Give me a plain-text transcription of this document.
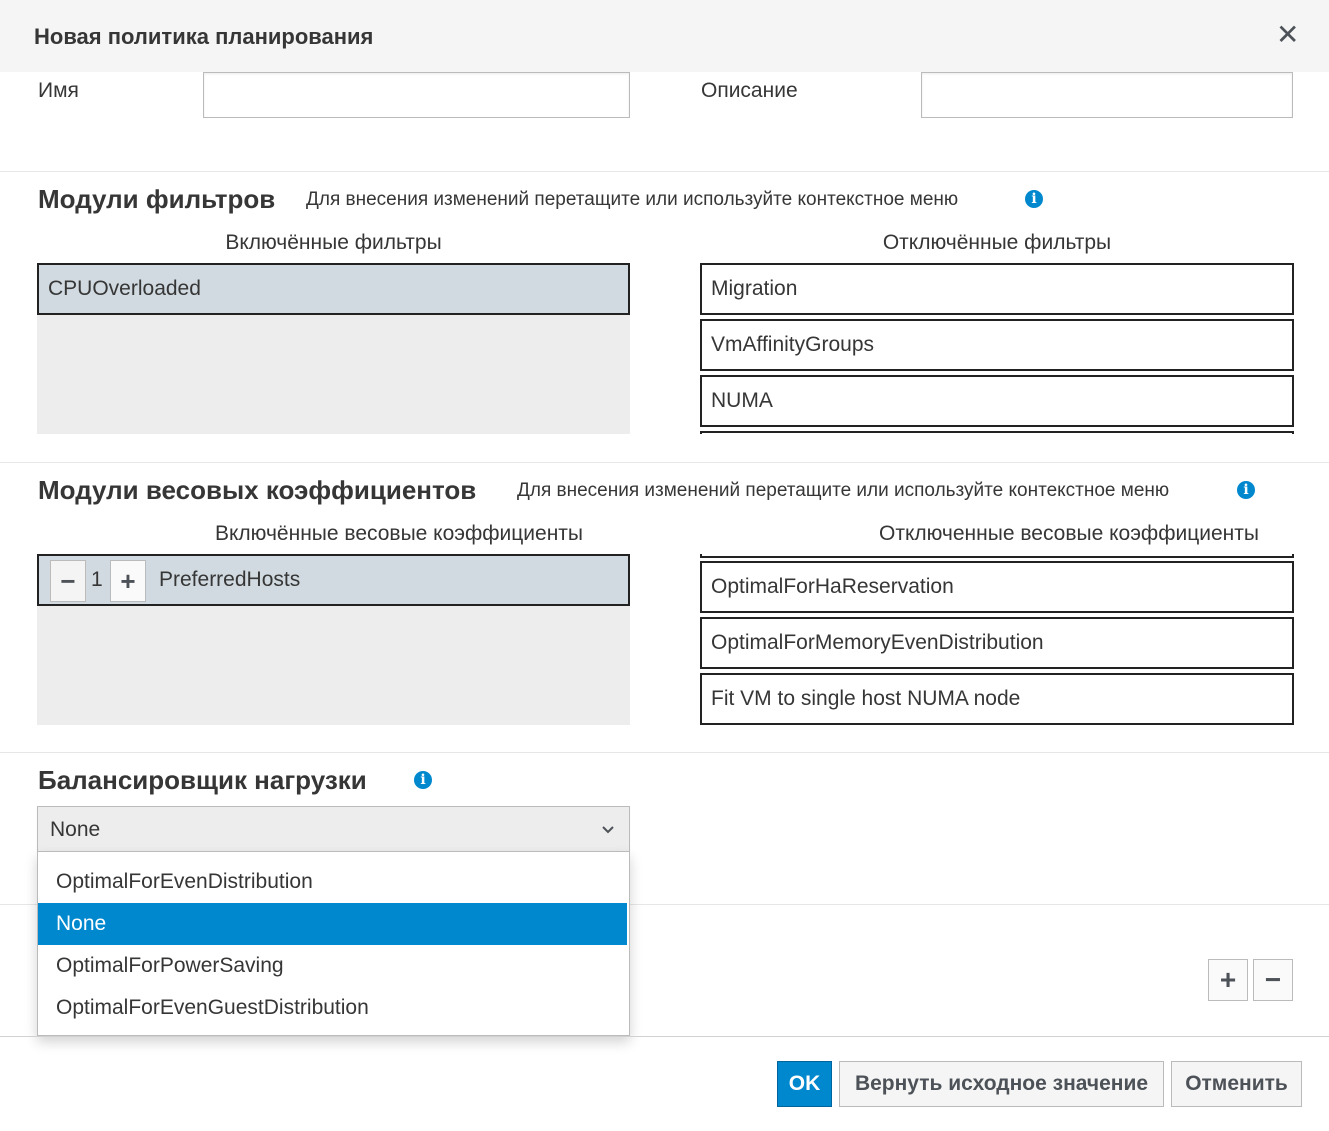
Новая политика планирования	✕
Имя	Описание
Модули фильтров Для внесения изменений перетащите или используйте контекстное меню	i
Включённые фильтры	Отключённые фильтры
CPUOverloaded	Migration
VmAffinityGroups
NUMA
Модули весовых коэффициентов Для внесения изменений перетащите или используйте контекстное меню	i
Включённые весовые коэффициенты	Отключенные весовые коэффициенты
− 1 +	PreferredHosts	OptimalForHaReservation
OptimalForMemoryEvenDistribution
Fit VM to single host NUMA node
Балансировщик нагрузки	i
None
+	−
OptimalForEvenDistribution
None
OptimalForPowerSaving
OptimalForEvenGuestDistribution
OK	Вернуть исходное значение	Отменить
